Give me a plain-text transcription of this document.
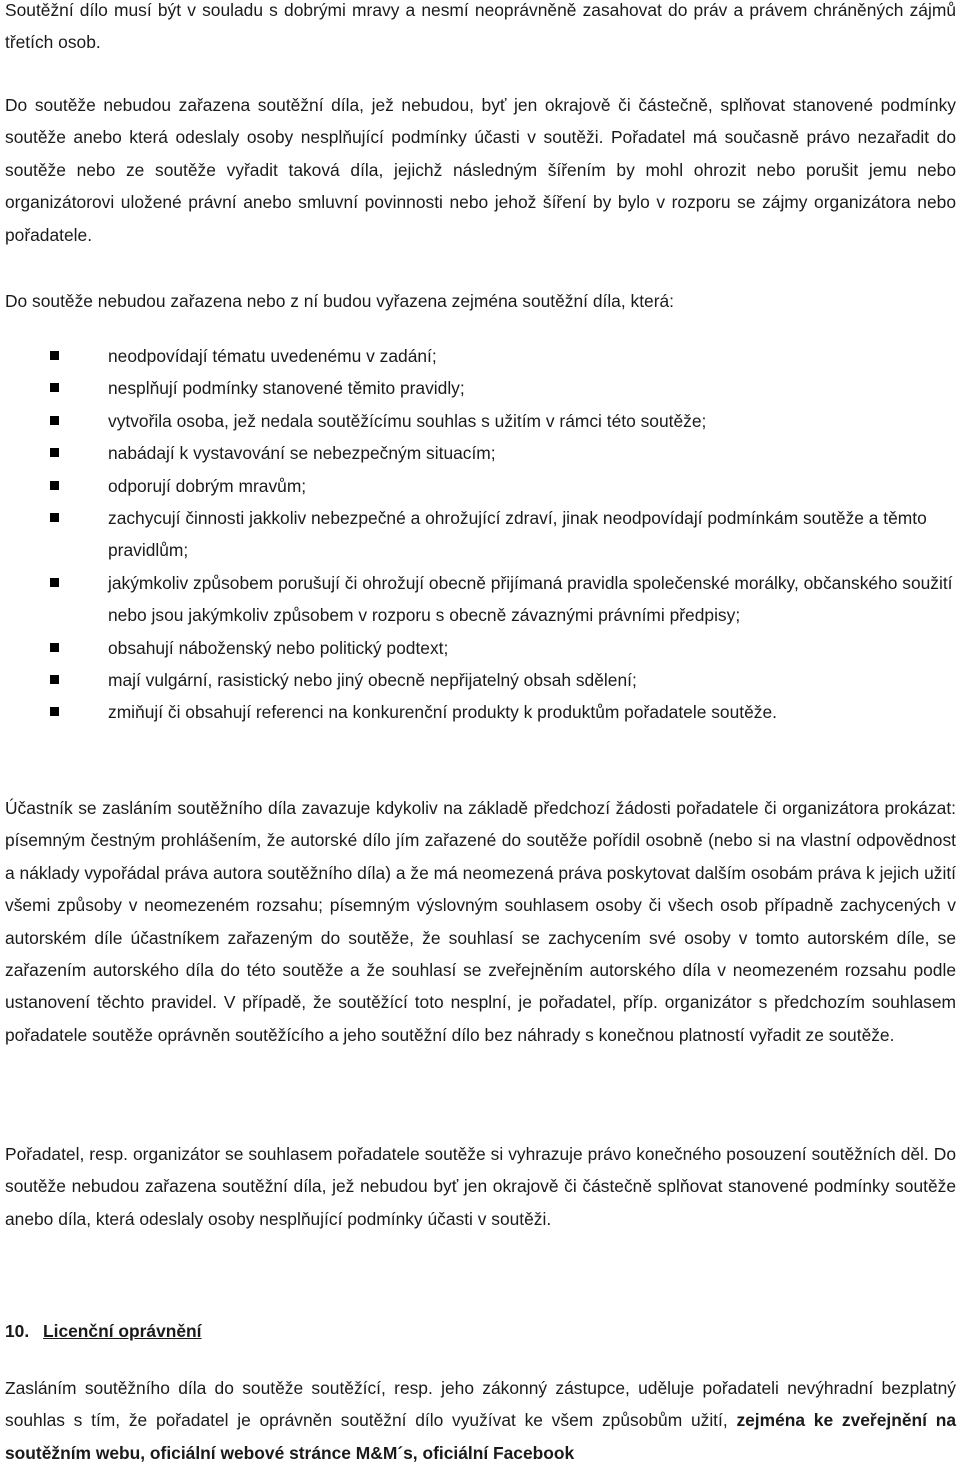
Soutěžní dílo musí být v souladu s dobrými mravy a nesmí neoprávněně zasahovat do práv a právem chráněných zájmů třetích osob.

Do soutěže nebudou zařazena soutěžní díla, jež nebudou, byť jen okrajově či částečně, splňovat stanovené podmínky soutěže anebo která odeslaly osoby nesplňující podmínky účasti v soutěži. Pořadatel má současně právo nezařadit do soutěže nebo ze soutěže vyřadit taková díla, jejichž následným šířením by mohl ohrozit nebo porušit jemu nebo organizátorovi uložené právní anebo smluvní povinnosti nebo jehož šíření by bylo v rozporu se zájmy organizátora nebo pořadatele.

Do soutěže nebudou zařazena nebo z ní budou vyřazena zejména soutěžní díla, která:

neodpovídají tématu uvedenému v zadání;
nesplňují podmínky stanovené těmito pravidly;
vytvořila osoba, jež nedala soutěžícímu souhlas s užitím v rámci této soutěže;
nabádají k vystavování se nebezpečným situacím;
odporují dobrým mravům;
zachycují činnosti jakkoliv nebezpečné a ohrožující zdraví, jinak neodpovídají podmínkám soutěže a těmto pravidlům;
jakýmkoliv způsobem porušují či ohrožují obecně přijímaná pravidla společenské morálky, občanského soužití nebo jsou jakýmkoliv způsobem v rozporu s obecně závaznými právními předpisy;
obsahují náboženský nebo politický podtext;
mají vulgární, rasistický nebo jiný obecně nepřijatelný obsah sdělení;
zmiňují či obsahují referenci na konkurenční produkty k produktům pořadatele soutěže.

Účastník se zasláním soutěžního díla zavazuje kdykoliv na základě předchozí žádosti pořadatele či organizátora prokázat: písemným čestným prohlášením, že autorské dílo jím zařazené do soutěže pořídil osobně (nebo si na vlastní odpovědnost a náklady vypořádal práva autora soutěžního díla) a že má neomezená práva poskytovat dalším osobám práva k jejich užití všemi způsoby v neomezeném rozsahu; písemným výslovným souhlasem osoby či všech osob případně zachycených v autorském díle účastníkem zařazeným do soutěže, že souhlasí se zachycením své osoby v tomto autorském díle, se zařazením autorského díla do této soutěže a že souhlasí se zveřejněním autorského díla v neomezeném rozsahu podle ustanovení těchto pravidel. V případě, že soutěžící toto nesplní, je pořadatel, příp. organizátor s předchozím souhlasem pořadatele soutěže oprávněn soutěžícího a jeho soutěžní dílo bez náhrady s konečnou platností vyřadit ze soutěže.

Pořadatel, resp. organizátor se souhlasem pořadatele soutěže si vyhrazuje právo konečného posouzení soutěžních děl. Do soutěže nebudou zařazena soutěžní díla, jež nebudou byť jen okrajově či částečně splňovat stanovené podmínky soutěže anebo díla, která odeslaly osoby nesplňující podmínky účasti v soutěži.

10. Licenční oprávnění

Zasláním soutěžního díla do soutěže soutěžící, resp. jeho zákonný zástupce, uděluje pořadateli nevýhradní bezplatný souhlas s tím, že pořadatel je oprávněn soutěžní dílo využívat ke všem způsobům užití, zejména ke zveřejnění na soutěžním webu, oficiální webové stránce M&M´s, oficiální Facebook
